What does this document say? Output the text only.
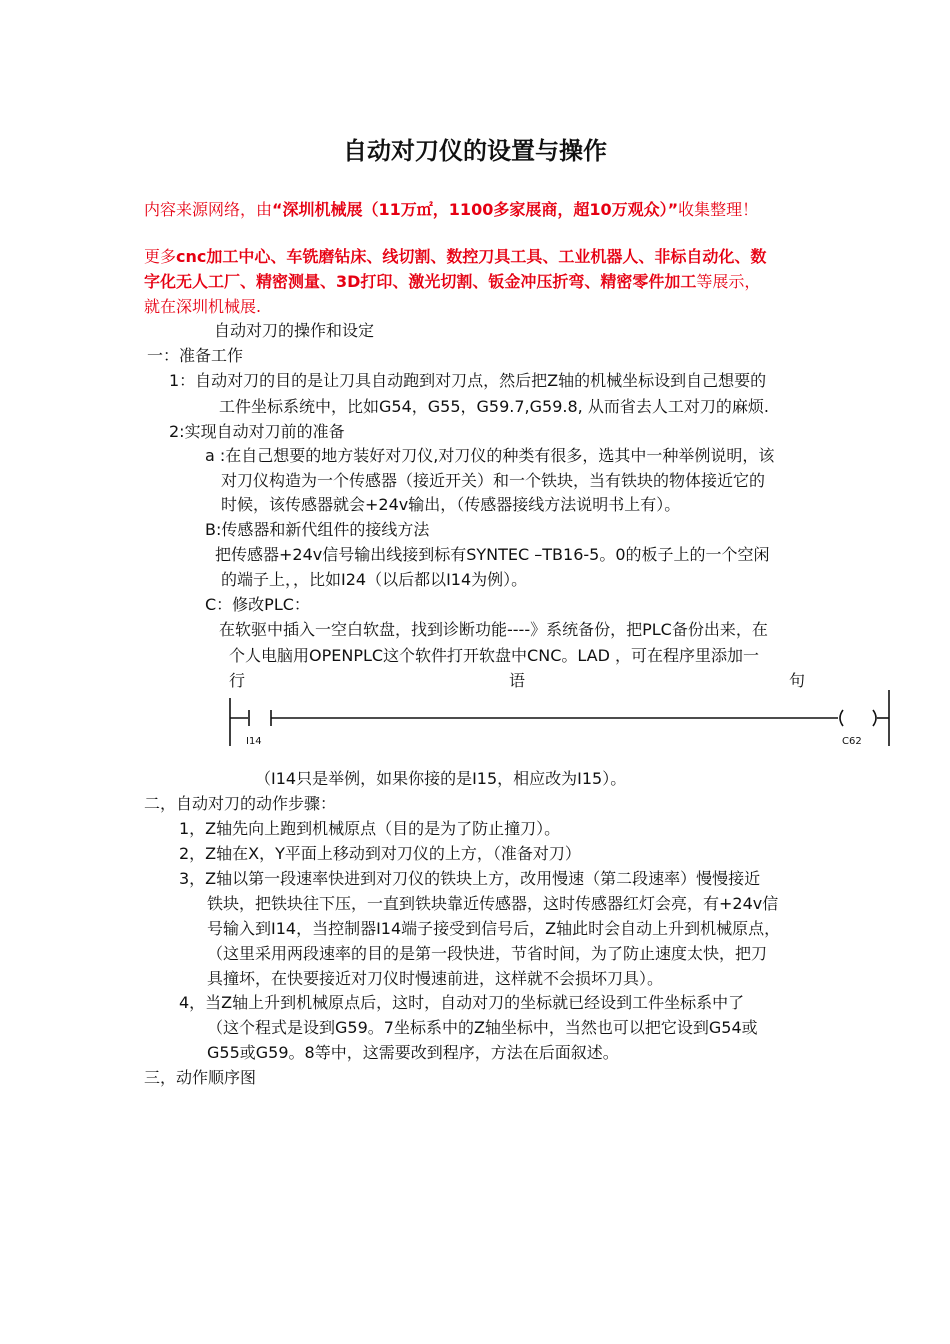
自动对刀仪的设置与操作
内容来源网络，由“深圳机械展（11万㎡，1100多家展商，超10万观众）”收集整理！
更多cnc加工中心、车铣磨钻床、线切割、数控刀具工具、工业机器人、非标自动化、数
字化无人工厂、精密测量、3D打印、激光切割、钣金冲压折弯、精密零件加工等展示，
就在深圳机械展.
自动对刀的操作和设定
一：准备工作
1：自动对刀的目的是让刀具自动跑到对刀点，然后把Z轴的机械坐标设到自己想要的
工件坐标系统中，比如G54，G55，G59.7,G59.8, 从而省去人工对刀的麻烦.
2:实现自动对刀前的准备
a :在自己想要的地方装好对刀仪,对刀仪的种类有很多，选其中一种举例说明，该
对刀仪构造为一个传感器（接近开关）和一个铁块，当有铁块的物体接近它的
时候，该传感器就会+24v输出，（传感器接线方法说明书上有）。
B:传感器和新代组件的接线方法
把传感器+24v信号输出线接到标有SYNTEC –TB16-5。0的板子上的一个空闲
的端子上，，比如I24（以后都以I14为例）。
C：修改PLC：
在软驱中插入一空白软盘，找到诊断功能----》系统备份，把PLC备份出来，在
个人电脑用OPENPLC这个软件打开软盘中CNC。LAD ，可在程序里添加一
行	语	句
I14	C62
（I14只是举例，如果你接的是I15，相应改为I15）。
二，自动对刀的动作步骤：
1，Z轴先向上跑到机械原点（目的是为了防止撞刀）。
2，Z轴在X，Y平面上移动到对刀仪的上方，（准备对刀）
3，Z轴以第一段速率快进到对刀仪的铁块上方，改用慢速（第二段速率）慢慢接近
铁块，把铁块往下压，一直到铁块靠近传感器，这时传感器红灯会亮，有+24v信
号输入到I14，当控制器I14端子接受到信号后，Z轴此时会自动上升到机械原点，
（这里采用两段速率的目的是第一段快进，节省时间，为了防止速度太快，把刀
具撞坏，在快要接近对刀仪时慢速前进，这样就不会损坏刀具）。
4，当Z轴上升到机械原点后，这时，自动对刀的坐标就已经设到工件坐标系中了
（这个程式是设到G59。7坐标系中的Z轴坐标中，当然也可以把它设到G54或
G55或G59。8等中，这需要改到程序，方法在后面叙述。
三，动作顺序图
